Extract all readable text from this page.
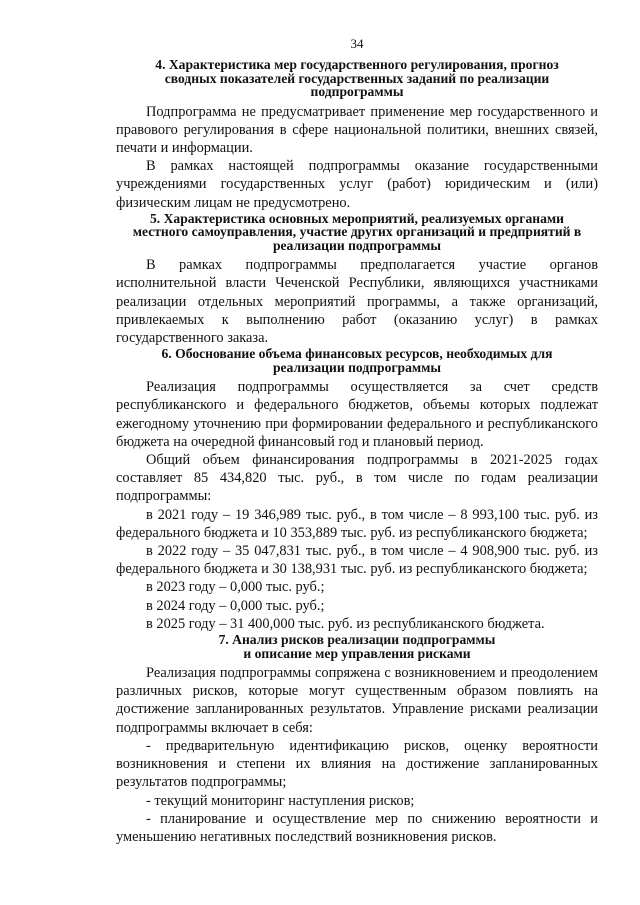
34
4. Характеристика мер государственного регулирования, прогноз
сводных показателей государственных заданий по реализации
подпрограммы

Подпрограмма не предусматривает применение мер государственного и правового регулирования в сфере национальной политики, внешних связей, печати и информации.

В рамках настоящей подпрограммы оказание государственными учреждениями государственных услуг (работ) юридическим и (или) физическим лицам не предусмотрено.

5. Характеристика основных мероприятий, реализуемых органами
местного самоуправления, участие других организаций и предприятий в
реализации подпрограммы

В рамках подпрограммы предполагается участие органов исполнительной власти Чеченской Республики, являющихся участниками реализации отдельных мероприятий программы, а также организаций, привлекаемых к выполнению работ (оказанию услуг) в рамках государственного заказа.

6. Обоснование объема финансовых ресурсов, необходимых для
реализации подпрограммы

Реализация подпрограммы осуществляется за счет средств республиканского и федерального бюджетов, объемы которых подлежат ежегодному уточнению при формировании федерального и республиканского бюджета на очередной финансовый год и плановый период.

Общий объем финансирования подпрограммы в 2021-2025 годах составляет 85 434,820 тыс. руб., в том числе по годам реализации подпрограммы:

в 2021 году – 19 346,989 тыс. руб., в том числе – 8 993,100 тыс. руб. из федерального бюджета и 10 353,889 тыс. руб. из республиканского бюджета;

в 2022 году – 35 047,831 тыс. руб., в том числе – 4 908,900 тыс. руб. из федерального бюджета и 30 138,931 тыс. руб. из республиканского бюджета;

в 2023 году – 0,000 тыс. руб.;

в 2024 году – 0,000 тыс. руб.;

в 2025 году – 31 400,000 тыс. руб. из республиканского бюджета.

7. Анализ рисков реализации подпрограммы
и описание мер управления рисками

Реализация подпрограммы сопряжена с возникновением и преодолением различных рисков, которые могут существенным образом повлиять на достижение запланированных результатов. Управление рисками реализации подпрограммы включает в себя:

- предварительную идентификацию рисков, оценку вероятности возникновения и степени их влияния на достижение запланированных результатов подпрограммы;

- текущий мониторинг наступления рисков;

- планирование и осуществление мер по снижению вероятности и уменьшению негативных последствий возникновения рисков.
